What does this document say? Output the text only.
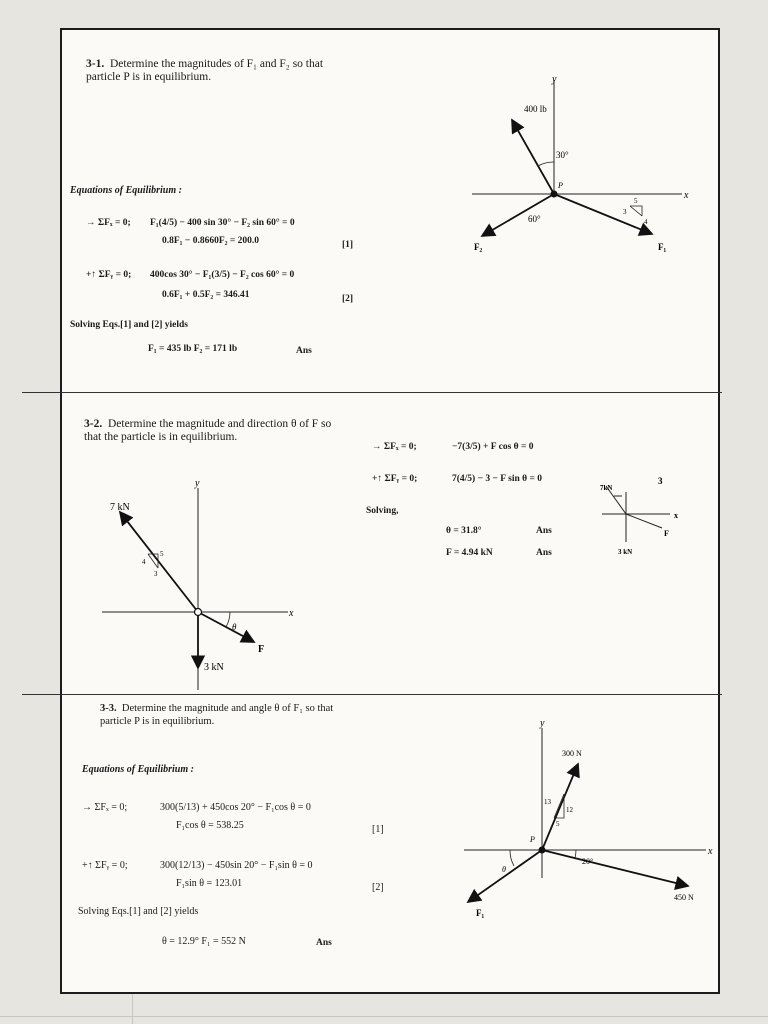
3-1. Determine the magnitudes of F₁ and F₂ so that
particle P is in equilibrium.
Equations of Equilibrium :
→ ΣFₓ = 0; F₁(4/5) − 400 sin 30° − F₂ sin 60° = 0
0.8F₁ − 0.8660F₂ = 200.0	[1]
+↑ ΣFᵧ = 0; 400cos 30° − F₁(3/5) − F₂ cos 60° = 0
0.6F₁ + 0.5F₂ = 346.41	[2]
Solving Eqs.[1] and [2] yields
F₁ = 435 lb F₂ = 171 lb	Ans
y
x
400 lb
30°
F₂
60°
F₁
5
3
4
P
3-2. Determine the magnitude and direction θ of F so
that the particle is in equilibrium.
→ ΣFₓ = 0;	−7(3/5) + F cos θ = 0
+↑ ΣFᵧ = 0;	7(4/5) − 3 − F sin θ = 0
Solving,
θ = 31.8°	Ans
F = 4.94 kN	Ans
y
x
7 kN
5
4
3
3 kN
F
θ
7kN
3
x
F
3 kN
3-3. Determine the magnitude and angle θ of F₁ so that
particle P is in equilibrium.
Equations of Equilibrium :
→ ΣFₓ = 0;	300(5/13) + 450cos 20° − F₁cos θ = 0
F₁cos θ = 538.25	[1]
+↑ ΣFᵧ = 0;	300(12/13) − 450sin 20° − F₁sin θ = 0
F₁sin θ = 123.01	[2]
Solving Eqs.[1] and [2] yields
θ = 12.9° F₁ = 552 N	Ans
y
x
300 N
13
12
5
450 N
20°
F₁
θ
P
